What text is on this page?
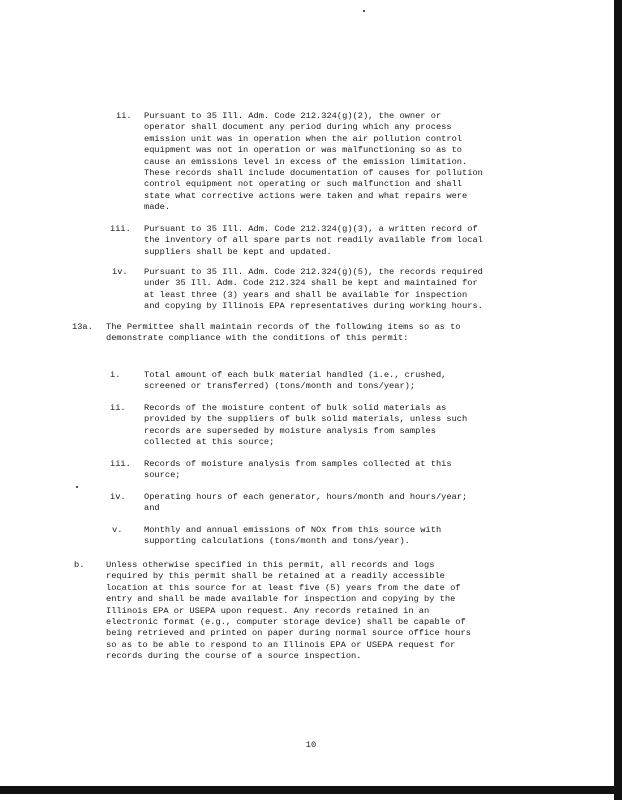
ii. Pursuant to 35 Ill. Adm. Code 212.324(g)(2), the owner or
operator shall document any period during which any process
emission unit was in operation when the air pollution control
equipment was not in operation or was malfunctioning so as to
cause an emissions level in excess of the emission limitation.
These records shall include documentation of causes for pollution
control equipment not operating or such malfunction and shall
state what corrective actions were taken and what repairs were
made.
iii. Pursuant to 35 Ill. Adm. Code 212.324(g)(3), a written record of
the inventory of all spare parts not readily available from local
suppliers shall be kept and updated.
iv. Pursuant to 35 Ill. Adm. Code 212.324(g)(5), the records required
under 35 Ill. Adm. Code 212.324 shall be kept and maintained for
at least three (3) years and shall be available for inspection
and copying by Illinois EPA representatives during working hours.
13a. The Permittee shall maintain records of the following items so as to
demonstrate compliance with the conditions of this permit:
i.	Total amount of each bulk material handled (i.e., crushed,
screened or transferred) (tons/month and tons/year);
ii. Records of the moisture content of bulk solid materials as
provided by the suppliers of bulk solid materials, unless such
records are superseded by moisture analysis from samples
collected at this source;
iii. Records of moisture analysis from samples collected at this
source;
iv. Operating hours of each generator, hours/month and hours/year;
and
v. Monthly and annual emissions of NOx from this source with
supporting calculations (tons/month and tons/year).
b. Unless otherwise specified in this permit, all records and logs
required by this permit shall be retained at a readily accessible
location at this source for at least five (5) years from the date of
entry and shall be made available for inspection and copying by the
Illinois EPA or USEPA upon request. Any records retained in an
electronic format (e.g., computer storage device) shall be capable of
being retrieved and printed on paper during normal source office hours
so as to be able to respond to an Illinois EPA or USEPA request for
records during the course of a source inspection.
10
